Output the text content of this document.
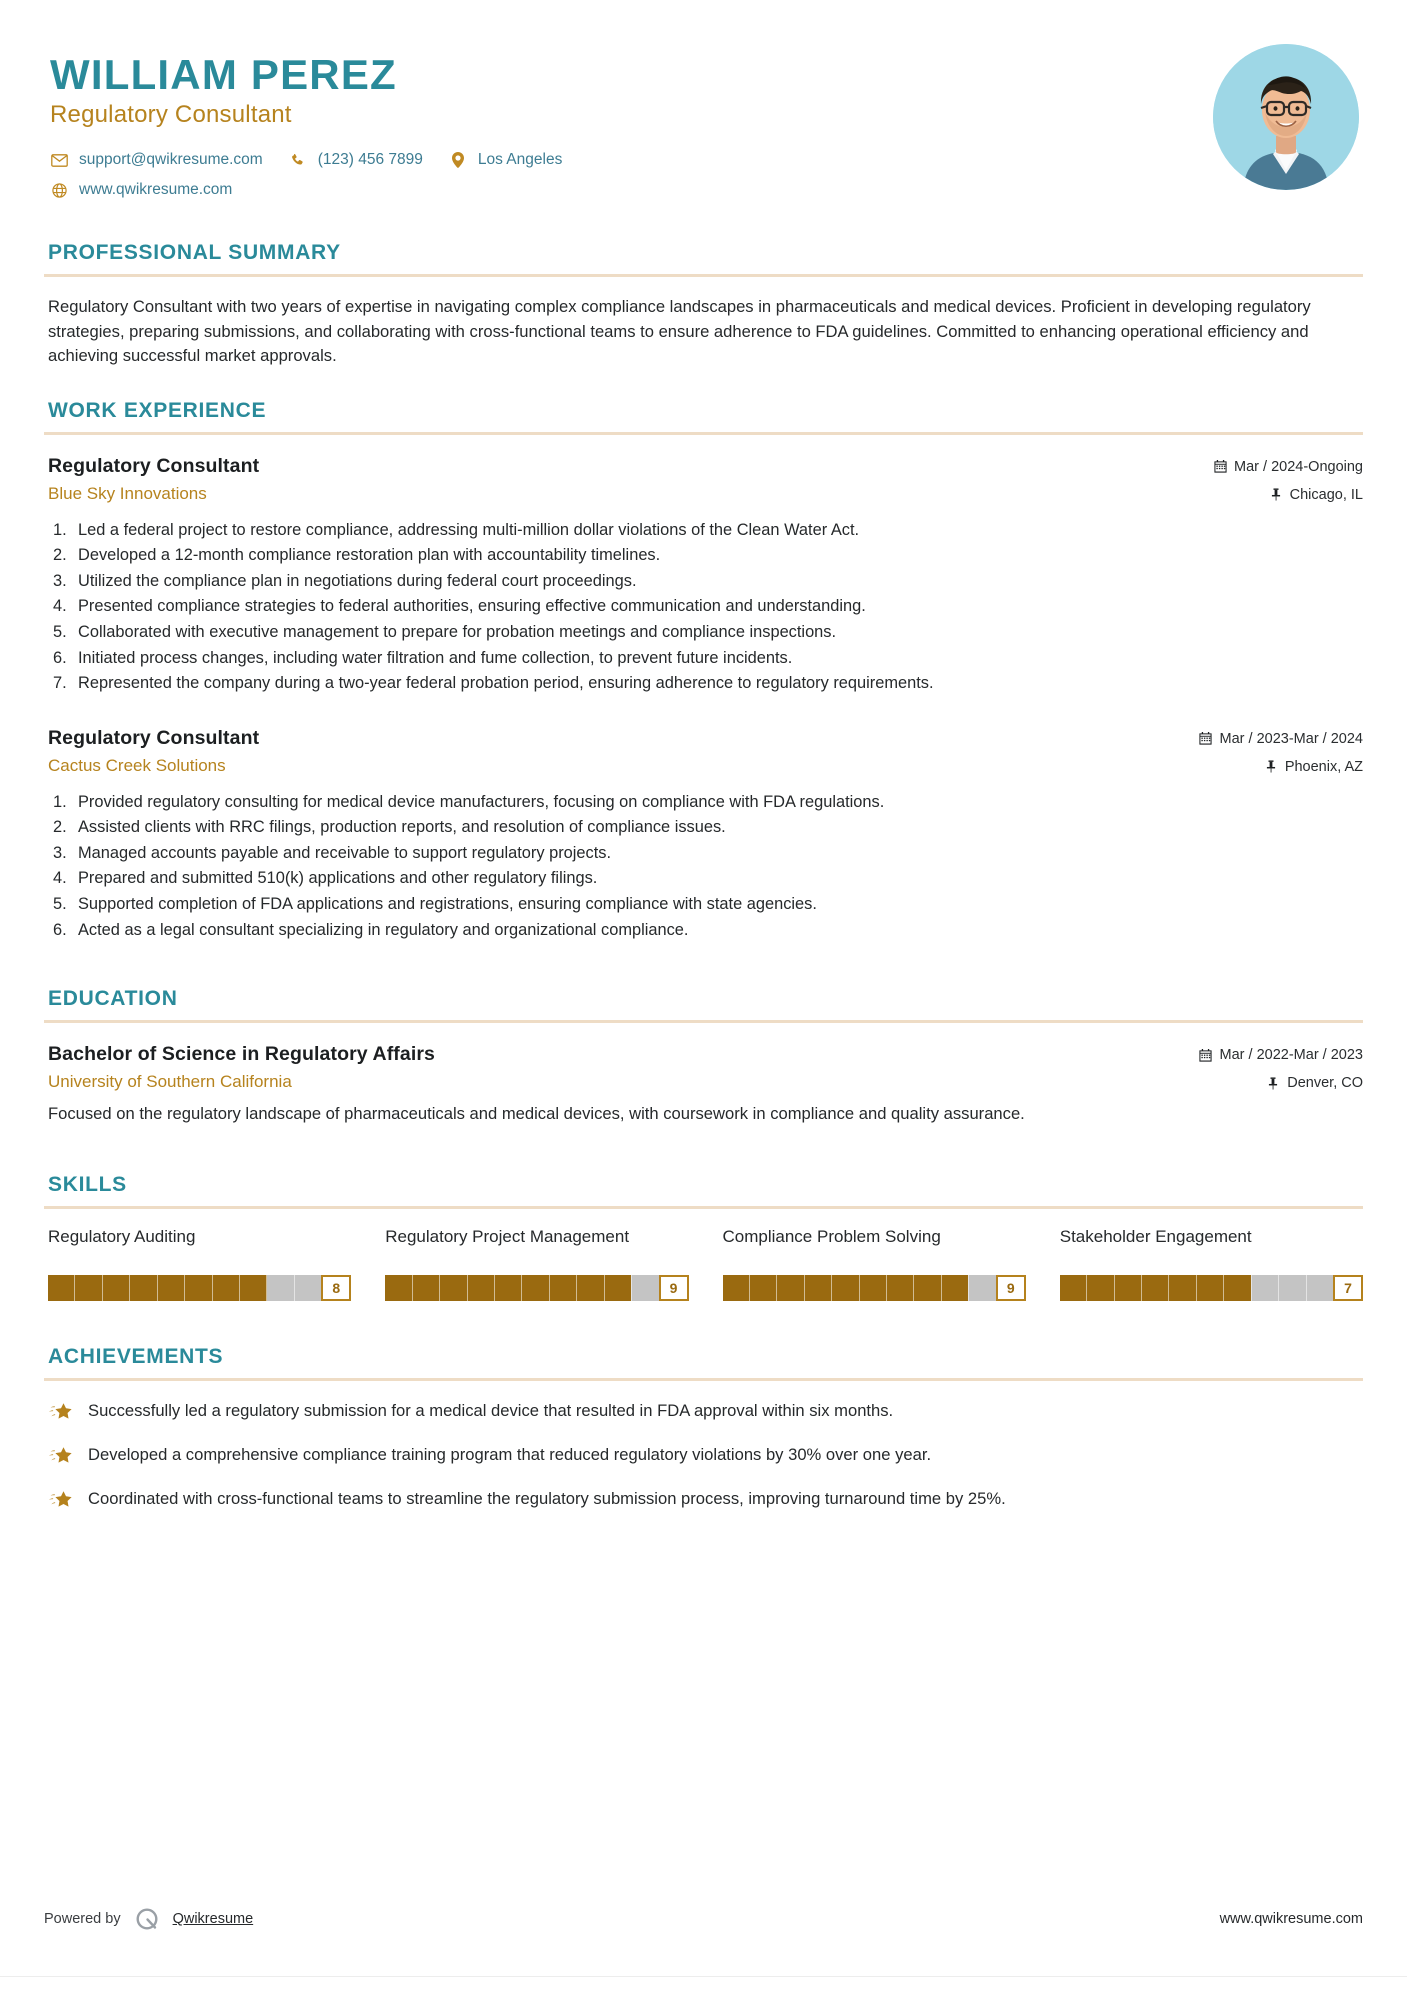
WILLIAM PEREZ
Regulatory Consultant
support@qwikresume.com	(123) 456 7899	Los Angeles
www.qwikresume.com
PROFESSIONAL SUMMARY

Regulatory Consultant with two years of expertise in navigating complex compliance landscapes in pharmaceuticals and medical devices. Proficient in developing regulatory strategies, preparing submissions, and collaborating with cross-functional teams to ensure adherence to FDA guidelines. Committed to enhancing operational efficiency and achieving successful market approvals.

WORK EXPERIENCE
Regulatory Consultant
Blue Sky Innovations
Mar / 2024-Ongoing
Chicago, IL
Led a federal project to restore compliance, addressing multi-million dollar violations of the Clean Water Act.
Developed a 12-month compliance restoration plan with accountability timelines.
Utilized the compliance plan in negotiations during federal court proceedings.
Presented compliance strategies to federal authorities, ensuring effective communication and understanding.
Collaborated with executive management to prepare for probation meetings and compliance inspections.
Initiated process changes, including water filtration and fume collection, to prevent future incidents.
Represented the company during a two-year federal probation period, ensuring adherence to regulatory requirements.
Regulatory Consultant
Cactus Creek Solutions
Mar / 2023-Mar / 2024
Phoenix, AZ
Provided regulatory consulting for medical device manufacturers, focusing on compliance with FDA regulations.
Assisted clients with RRC filings, production reports, and resolution of compliance issues.
Managed accounts payable and receivable to support regulatory projects.
Prepared and submitted 510(k) applications and other regulatory filings.
Supported completion of FDA applications and registrations, ensuring compliance with state agencies.
Acted as a legal consultant specializing in regulatory and organizational compliance.
EDUCATION
Bachelor of Science in Regulatory Affairs
University of Southern California
Mar / 2022-Mar / 2023
Denver, CO

Focused on the regulatory landscape of pharmaceuticals and medical devices, with coursework in compliance and quality assurance.

SKILLS
Regulatory Auditing
8
Regulatory Project Management
9
Compliance Problem Solving
9
Stakeholder Engagement
7
ACHIEVEMENTS
Successfully led a regulatory submission for a medical device that resulted in FDA approval within six months.
Developed a comprehensive compliance training program that reduced regulatory violations by 30% over one year.
Coordinated with cross-functional teams to streamline the regulatory submission process, improving turnaround time by 25%.
Powered by	Qwikresume	www.qwikresume.com
